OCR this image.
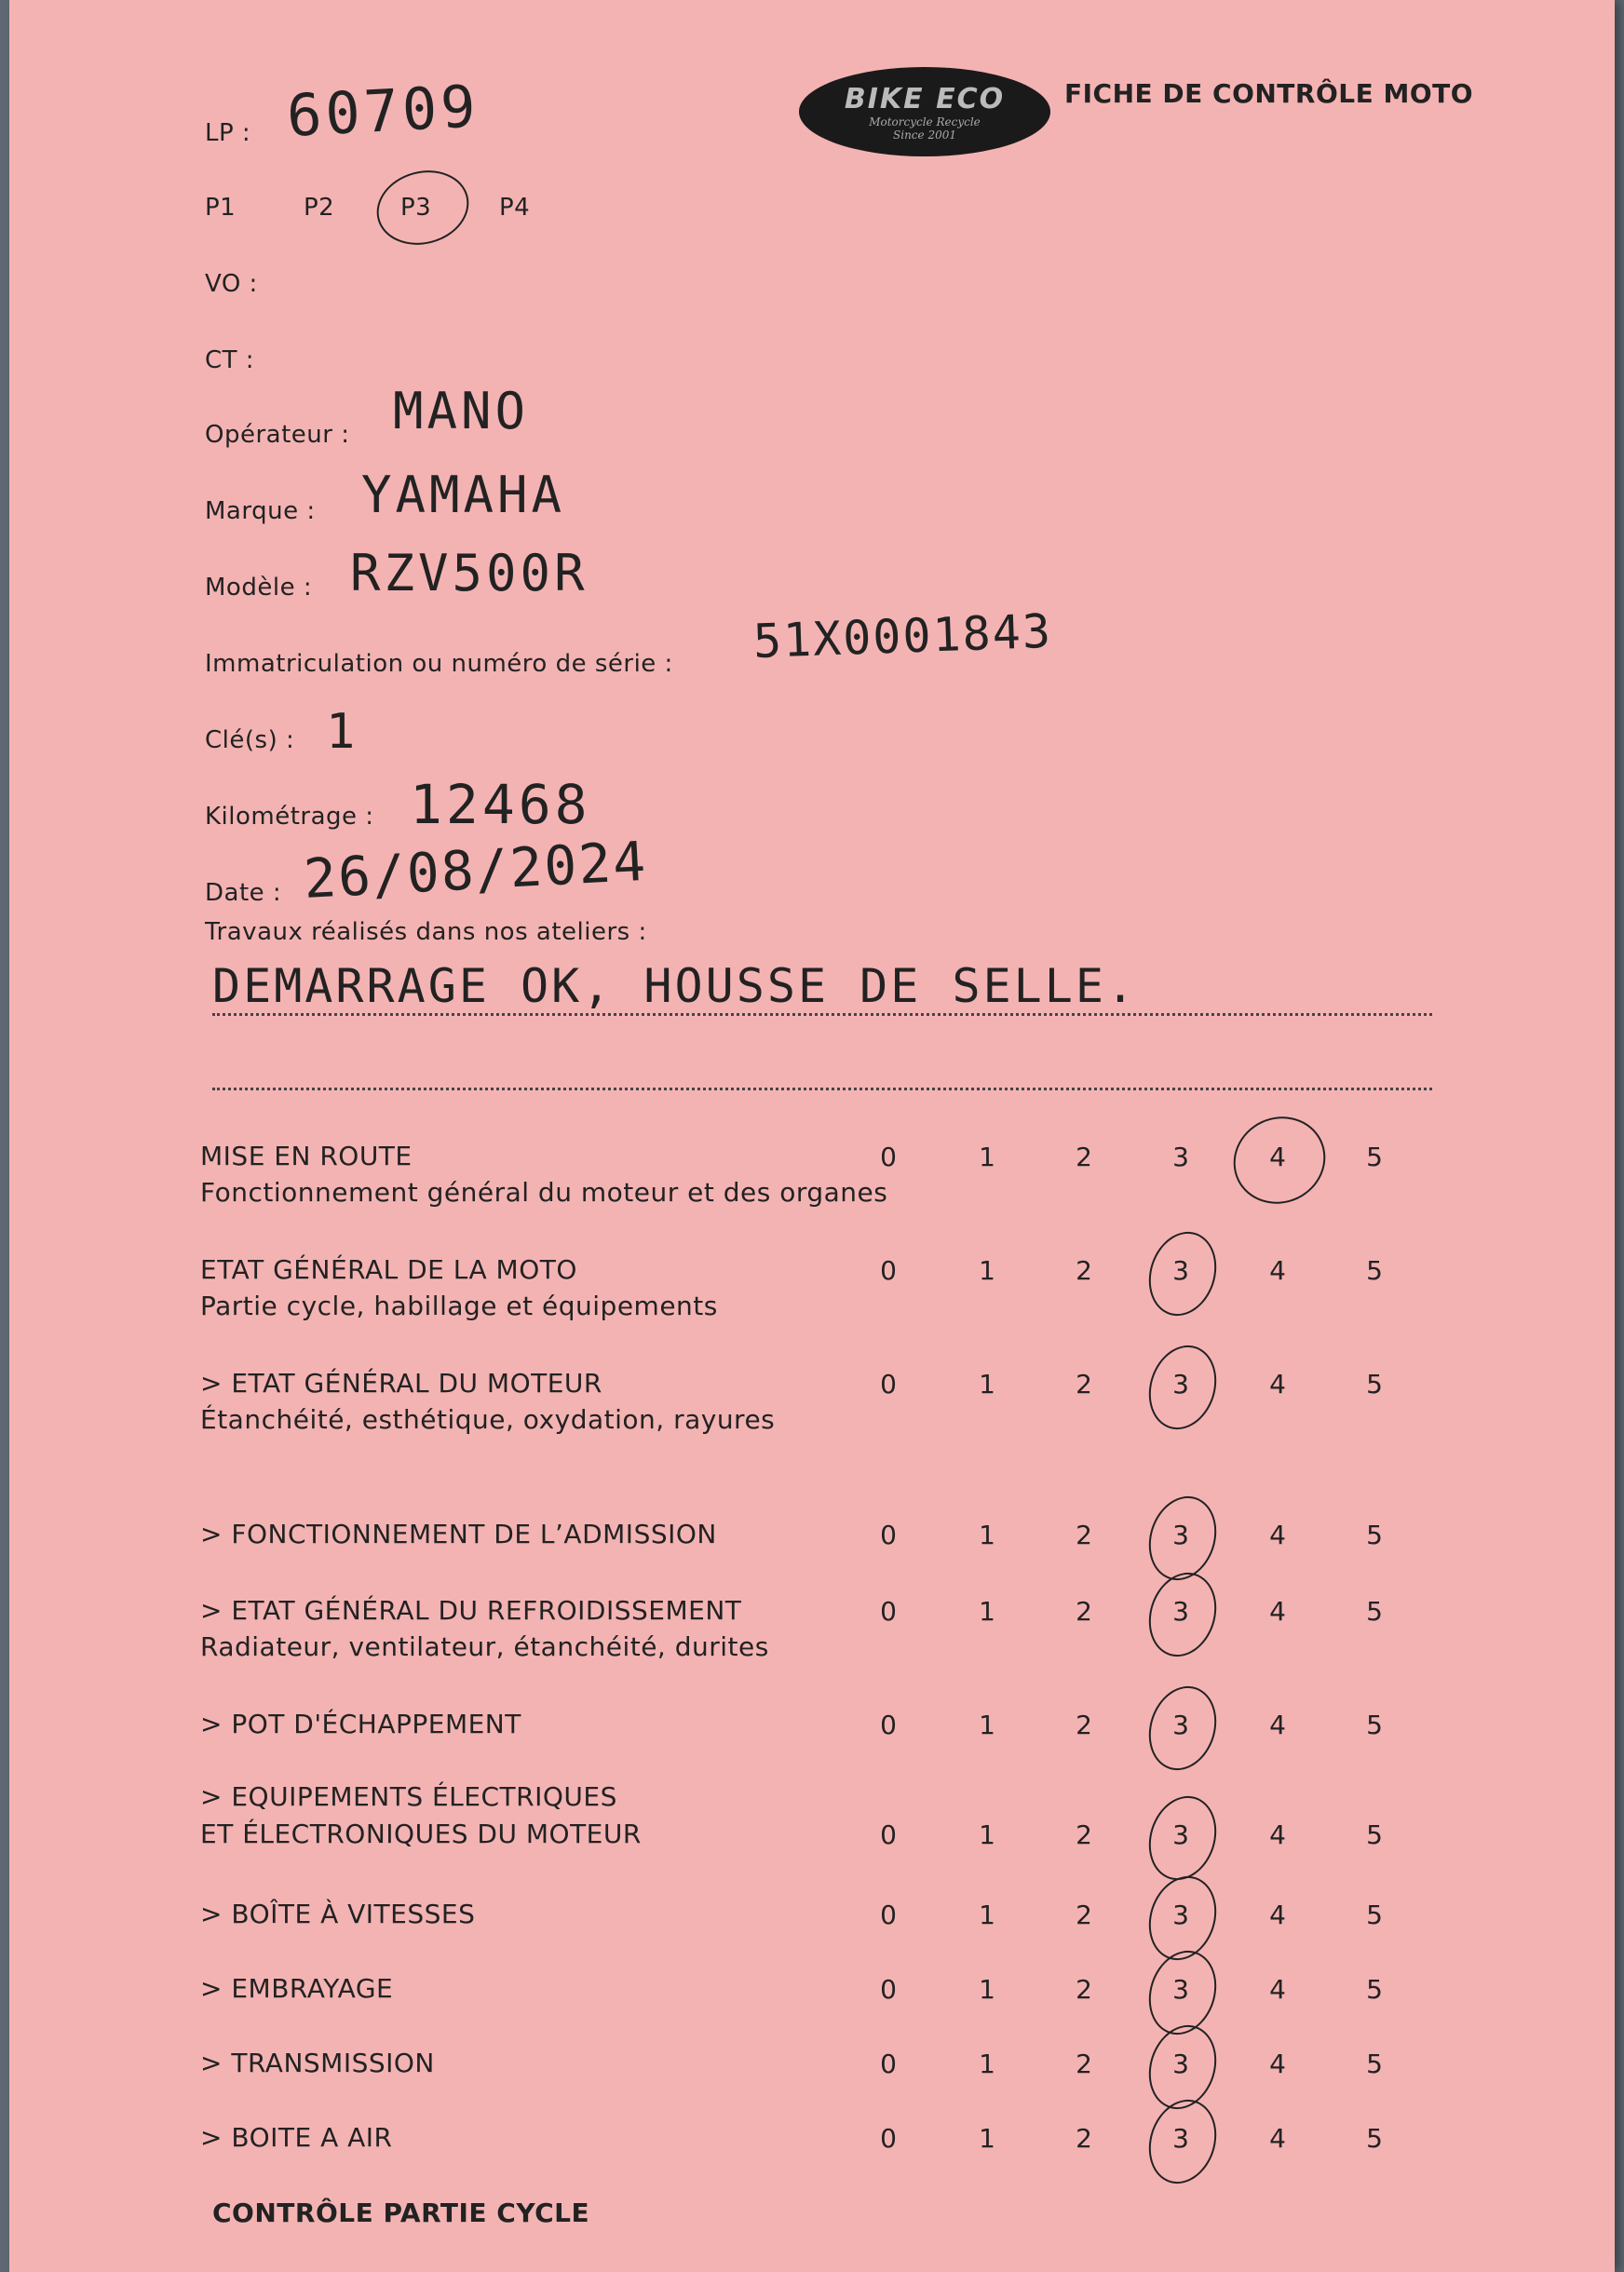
BIKE ECO
Motorcycle Recycle
Since 2001
FICHE DE CONTRÔLE MOTO
LP : 60709
P1	P2	P3	P4
VO :
CT :
Opérateur : MANO
Marque : YAMAHA
Modèle : RZV500R
Immatriculation ou numéro de série : 51X0001843
Clé(s) : 1
Kilométrage : 12468
Date : 26/08/2024
Travaux réalisés dans nos ateliers :
DEMARRAGE OK, HOUSSE DE SELLE.
MISE EN ROUTE
Fonctionnement général du moteur et des organes
0	1	2	3	4	5
ETAT GÉNÉRAL DE LA MOTO
Partie cycle, habillage et équipements
0	1	2	3	4	5
> ETAT GÉNÉRAL DU MOTEUR
Étanchéité, esthétique, oxydation, rayures
0	1	2	3	4	5
> FONCTIONNEMENT DE L’ADMISSION	0	1	2	3	4	5
> ETAT GÉNÉRAL DU REFROIDISSEMENT
Radiateur, ventilateur, étanchéité, durites
0	1	2	3	4	5
> POT D'ÉCHAPPEMENT	0	1	2	3	4	5
> EQUIPEMENTS ÉLECTRIQUES
ET ÉLECTRONIQUES DU MOTEUR	0	1	2	3	4	5
> BOÎTE À VITESSES	0	1	2	3	4	5
> EMBRAYAGE	0	1	2	3	4	5
> TRANSMISSION	0	1	2	3	4	5
> BOITE A AIR	0	1	2	3	4	5
CONTRÔLE PARTIE CYCLE
